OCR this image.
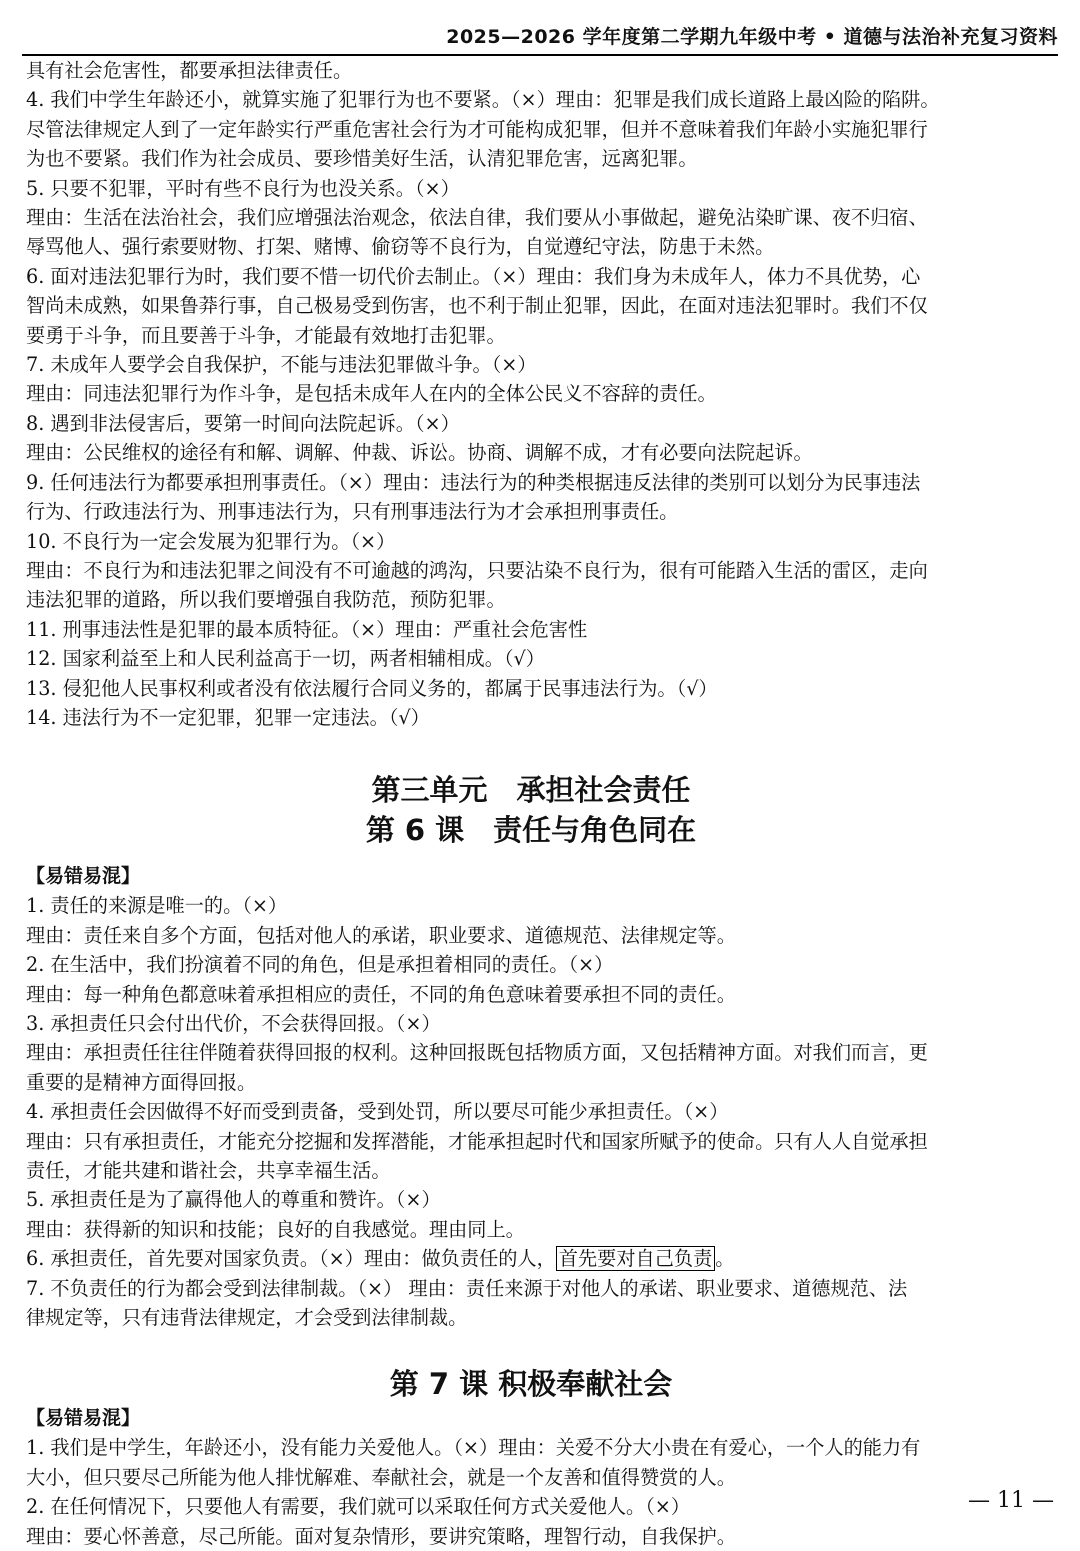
2025—2026 学年度第二学期九年级中考 • 道德与法治补充复习资料

具有社会危害性，都要承担法律责任。

4. 我们中学生年龄还小，就算实施了犯罪行为也不要紧。（×）理由：犯罪是我们成长道路上最凶险的陷阱。

尽管法律规定人到了一定年龄实行严重危害社会行为才可能构成犯罪，但并不意味着我们年龄小实施犯罪行

为也不要紧。我们作为社会成员、要珍惜美好生活，认清犯罪危害，远离犯罪。

5. 只要不犯罪，平时有些不良行为也没关系。（×）

理由：生活在法治社会，我们应增强法治观念，依法自律，我们要从小事做起，避免沾染旷课、夜不归宿、

辱骂他人、强行索要财物、打架、赌博、偷窃等不良行为，自觉遵纪守法，防患于未然。

6. 面对违法犯罪行为时，我们要不惜一切代价去制止。（×）理由：我们身为未成年人，体力不具优势，心

智尚未成熟，如果鲁莽行事，自己极易受到伤害，也不利于制止犯罪，因此，在面对违法犯罪时。我们不仅

要勇于斗争，而且要善于斗争，才能最有效地打击犯罪。

7. 未成年人要学会自我保护，不能与违法犯罪做斗争。（×）

理由：同违法犯罪行为作斗争，是包括未成年人在内的全体公民义不容辞的责任。

8. 遇到非法侵害后，要第一时间向法院起诉。（×）

理由：公民维权的途径有和解、调解、仲裁、诉讼。协商、调解不成，才有必要向法院起诉。

9. 任何违法行为都要承担刑事责任。（×）理由：违法行为的种类根据违反法律的类别可以划分为民事违法

行为、行政违法行为、刑事违法行为，只有刑事违法行为才会承担刑事责任。

10. 不良行为一定会发展为犯罪行为。（×）

理由：不良行为和违法犯罪之间没有不可逾越的鸿沟，只要沾染不良行为，很有可能踏入生活的雷区，走向

违法犯罪的道路，所以我们要增强自我防范，预防犯罪。

11. 刑事违法性是犯罪的最本质特征。（×）理由：严重社会危害性

12. 国家利益至上和人民利益高于一切，两者相辅相成。（√）

13. 侵犯他人民事权利或者没有依法履行合同义务的，都属于民事违法行为。（√）

14. 违法行为不一定犯罪，犯罪一定违法。（√）

第三单元　承担社会责任
第 6 课　责任与角色同在

【易错易混】

1. 责任的来源是唯一的。（×）

理由：责任来自多个方面，包括对他人的承诺，职业要求、道德规范、法律规定等。

2. 在生活中，我们扮演着不同的角色，但是承担着相同的责任。（×）

理由：每一种角色都意味着承担相应的责任，不同的角色意味着要承担不同的责任。

3. 承担责任只会付出代价，不会获得回报。（×）

理由：承担责任往往伴随着获得回报的权利。这种回报既包括物质方面，又包括精神方面。对我们而言，更

重要的是精神方面得回报。

4. 承担责任会因做得不好而受到责备，受到处罚，所以要尽可能少承担责任。（×）

理由：只有承担责任，才能充分挖掘和发挥潜能，才能承担起时代和国家所赋予的使命。只有人人自觉承担

责任，才能共建和谐社会，共享幸福生活。

5. 承担责任是为了赢得他人的尊重和赞许。（×）

理由：获得新的知识和技能；良好的自我感觉。理由同上。

6. 承担责任，首先要对国家负责。（×）理由：做负责任的人， 首先要对自己负责 。

7. 不负责任的行为都会受到法律制裁。（×） 理由：责任来源于对他人的承诺、职业要求、道德规范、法

律规定等，只有违背法律规定，才会受到法律制裁。

第 7 课 积极奉献社会

【易错易混】

1. 我们是中学生，年龄还小，没有能力关爱他人。（×）理由：关爱不分大小贵在有爱心，一个人的能力有

大小，但只要尽己所能为他人排忧解难、奉献社会，就是一个友善和值得赞赏的人。

2. 在任何情况下，只要他人有需要，我们就可以采取任何方式关爱他人。（×）

理由：要心怀善意，尽己所能。面对复杂情形，要讲究策略，理智行动，自我保护。

— 11 —
